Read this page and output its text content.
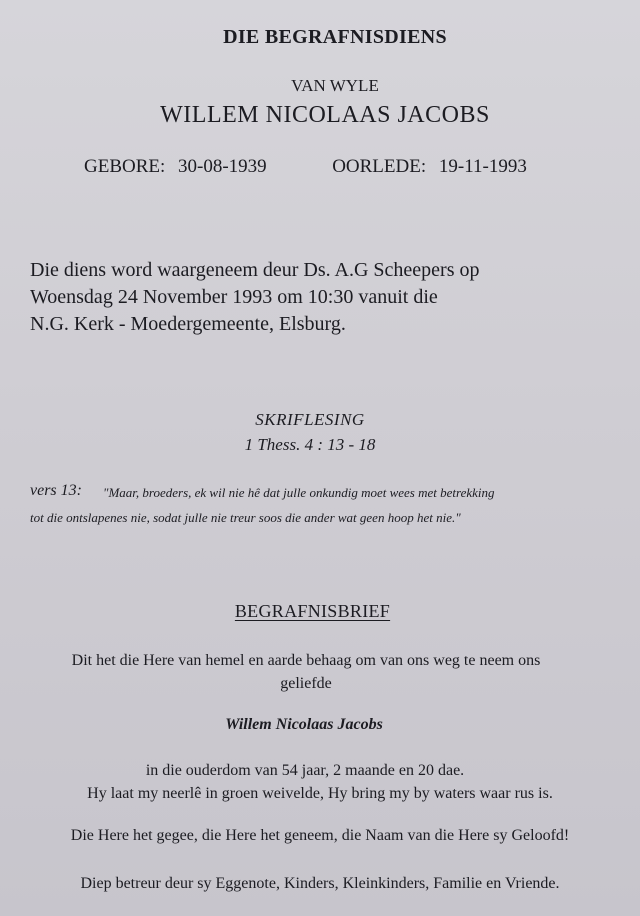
DIE BEGRAFNISDIENS
VAN WYLE
WILLEM NICOLAAS JACOBS
GEBORE: 30-08-1939	OORLEDE: 19-11-1993
Die diens word waargeneem deur Ds. A.G Scheepers op
Woensdag 24 November 1993 om 10:30 vanuit die
N.G. Kerk - Moedergemeente, Elsburg.
SKRIFLESING
1 Thess. 4 : 13 - 18
vers 13: "Maar, broeders, ek wil nie hê dat julle onkundig moet wees met betrekking
tot die ontslapenes nie, sodat julle nie treur soos die ander wat geen hoop het nie."
BEGRAFNISBRIEF
Dit het die Here van hemel en aarde behaag om van ons weg te neem ons
geliefde
Willem Nicolaas Jacobs
in die ouderdom van 54 jaar, 2 maande en 20 dae.
Hy laat my neerlê in groen weivelde, Hy bring my by waters waar rus is.
Die Here het gegee, die Here het geneem, die Naam van die Here sy Geloofd!
Diep betreur deur sy Eggenote, Kinders, Kleinkinders, Familie en Vriende.
